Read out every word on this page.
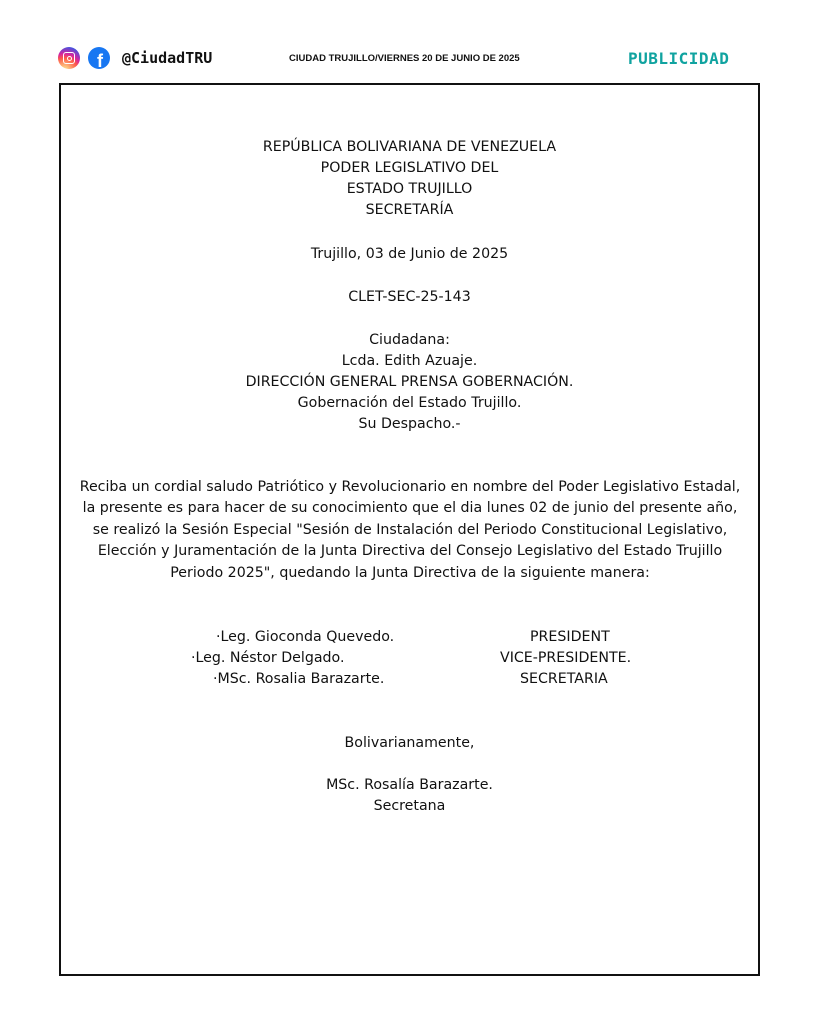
f @CiudadTRU	CIUDAD TRUJILLO/VIERNES 20 DE JUNIO DE 2025	PUBLICIDAD
REPÚBLICA BOLIVARIANA DE VENEZUELA
PODER LEGISLATIVO DEL
ESTADO TRUJILLO
SECRETARÍA
Trujillo, 03 de Junio de 2025
CLET-SEC-25-143
Ciudadana:
Lcda. Edith Azuaje.
DIRECCIÓN GENERAL PRENSA GOBERNACIÓN.
Gobernación del Estado Trujillo.
Su Despacho.-
Reciba un cordial saludo Patriótico y Revolucionario en nombre del Poder Legislativo Estadal, la presente es para hacer de su conocimiento que el dia lunes 02 de junio del presente año, se realizó la Sesión Especial "Sesión de Instalación del Periodo Constitucional Legislativo, Elección y Juramentación de la Junta Directiva del Consejo Legislativo del Estado Trujillo Periodo 2025", quedando la Junta Directiva de la siguiente manera:
·Leg. Gioconda Quevedo.	PRESIDENT
·Leg. Néstor Delgado.	VICE-PRESIDENTE.
·MSc. Rosalia Barazarte.	SECRETARIA
Bolivarianamente,
MSc. Rosalía Barazarte.
Secretana
